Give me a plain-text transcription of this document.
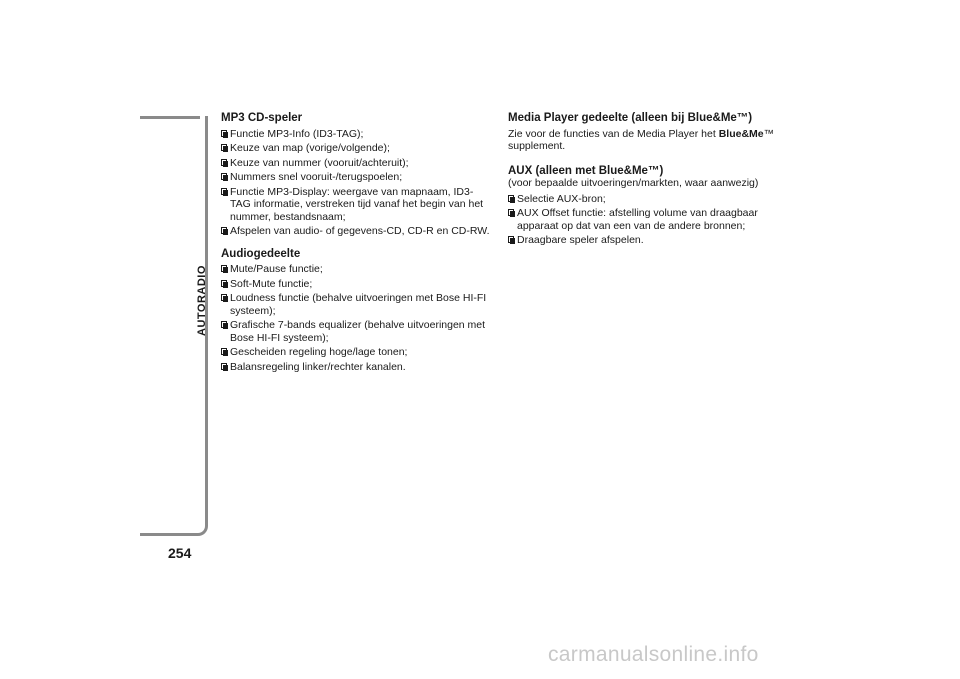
AUTORADIO
254
MP3 CD-speler
Functie MP3-Info (ID3-TAG);
Keuze van map (vorige/volgende);
Keuze van nummer (vooruit/achteruit);
Nummers snel vooruit-/terugspoelen;
Functie MP3-Display: weergave van mapnaam, ID3-TAG informatie, verstreken tijd vanaf het begin van het nummer, bestandsnaam;
Afspelen van audio- of gegevens-CD, CD-R en CD-RW.
Audiogedeelte
Mute/Pause functie;
Soft-Mute functie;
Loudness functie (behalve uitvoeringen met Bose HI-FI systeem);
Grafische 7-bands equalizer (behalve uitvoeringen met Bose HI-FI systeem);
Gescheiden regeling hoge/lage tonen;
Balansregeling linker/rechter kanalen.
Media Player gedeelte (alleen bij Blue&Me™)
Zie voor de functies van de Media Player het Blue&Me™ supplement.
AUX (alleen met Blue&Me™)
(voor bepaalde uitvoeringen/markten, waar aanwezig)
Selectie AUX-bron;
AUX Offset functie: afstelling volume van draagbaar apparaat op dat van een van de andere bronnen;
Draagbare speler afspelen.
carmanualsonline.info
